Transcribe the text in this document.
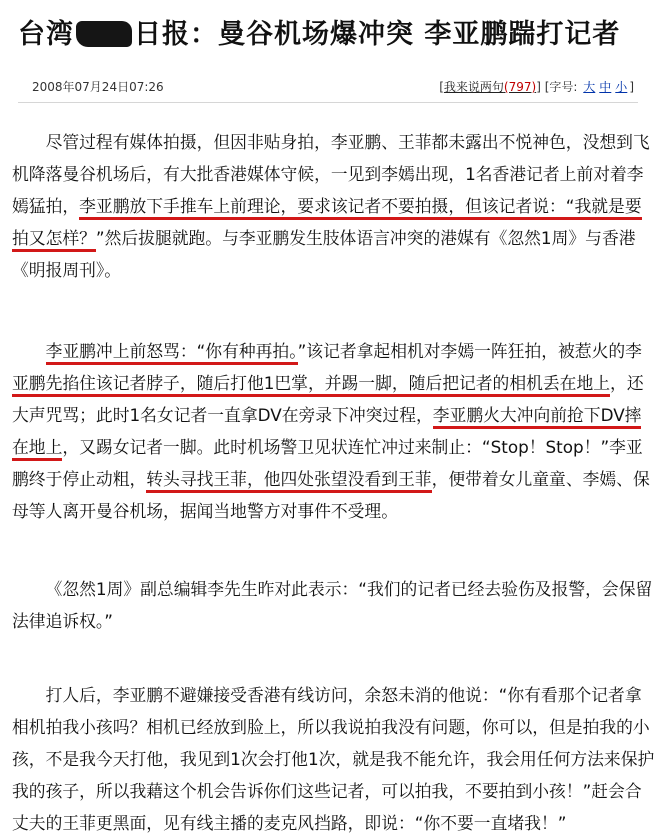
台湾 日报：曼谷机场爆冲突 李亚鹏踹打记者
2008年07月24日07:26	[我来说两句(797)] [字号: 大 中 小 ]

  尽管过程有媒体拍摄，但因非贴身拍，李亚鹏、王菲都未露出不悦神色，没想到飞

机降落曼谷机场后，有大批香港媒体守候，一见到李嫣出现，1名香港记者上前对着李

嫣猛拍，李亚鹏放下手推车上前理论，要求该记者不要拍摄，但该记者说：“我就是要

拍又怎样？”然后拔腿就跑。与李亚鹏发生肢体语言冲突的港媒有《忽然1周》与香港

《明报周刊》。

  李亚鹏冲上前怒骂：“你有种再拍。”该记者拿起相机对李嫣一阵狂拍，被惹火的李

亚鹏先掐住该记者脖子，随后打他1巴掌，并踢一脚，随后把记者的相机丢在地上，还

大声咒骂；此时1名女记者一直拿DV在旁录下冲突过程，李亚鹏火大冲向前抢下DV摔

在地上，又踢女记者一脚。此时机场警卫见状连忙冲过来制止：“Stop！Stop！”李亚

鹏终于停止动粗，转头寻找王菲，他四处张望没看到王菲，便带着女儿童童、李嫣、保

母等人离开曼谷机场，据闻当地警方对事件不受理。

  《忽然1周》副总编辑李先生昨对此表示：“我们的记者已经去验伤及报警，会保留

法律追诉权。”

  打人后，李亚鹏不避嫌接受香港有线访问，余怒未消的他说：“你有看那个记者拿

相机拍我小孩吗？相机已经放到脸上，所以我说拍我没有问题，你可以，但是拍我的小

孩，不是我今天打他，我见到1次会打他1次，就是我不能允许，我会用任何方法来保护

我的孩子，所以我藉这个机会告诉你们这些记者，可以拍我，不要拍到小孩！”赶会合

丈夫的王菲更黑面，见有线主播的麦克风挡路，即说：“你不要一直堵我！”
